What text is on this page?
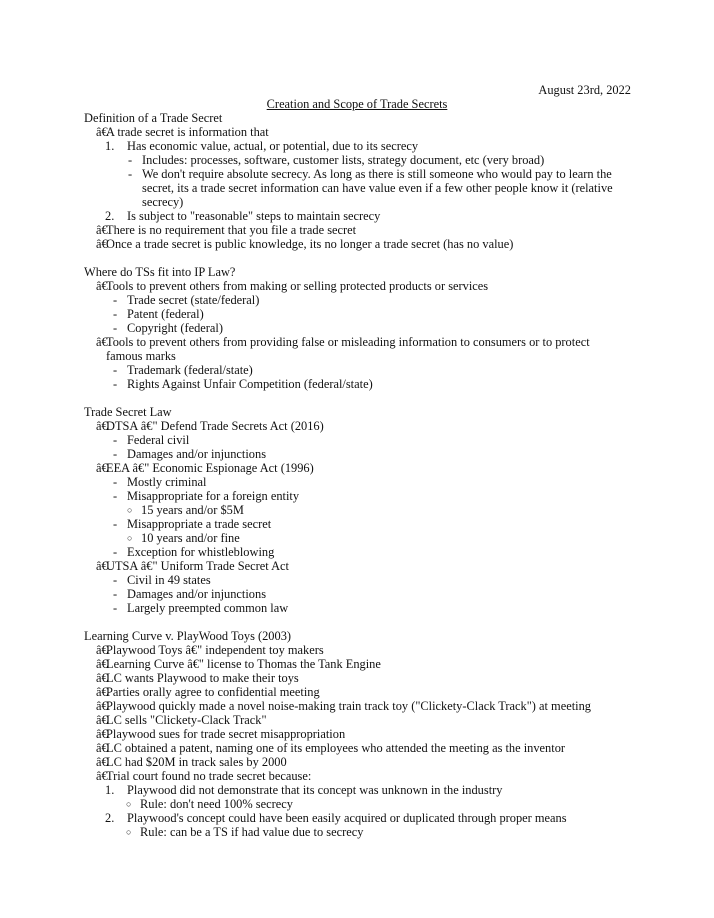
August 23rd, 2022
Creation and Scope of Trade Secrets
Definition of a Trade Secret
â€A trade secret is information that
1. Has economic value, actual, or potential, due to its secrecy
- Includes: processes, software, customer lists, strategy document, etc (very broad)
- We don't require absolute secrecy. As long as there is still someone who would pay to learn the secret, its a trade secret information can have value even if a few other people know it (relative secrecy)
2. Is subject to "reasonable" steps to maintain secrecy
â€There is no requirement that you file a trade secret
â€Once a trade secret is public knowledge, its no longer a trade secret (has no value)
Where do TSs fit into IP Law?
â€Tools to prevent others from making or selling protected products or services
- Trade secret (state/federal)
- Patent (federal)
- Copyright (federal)
â€
Tools to prevent others from providing false or misleading information to consumers or to protect famous marks
- Trademark (federal/state)
- Rights Against Unfair Competition (federal/state)
Trade Secret Law
â€DTSA â€" Defend Trade Secrets Act (2016)
- Federal civil
- Damages and/or injunctions
â€EEA â€" Economic Espionage Act (1996)
- Mostly criminal
- Misappropriate for a foreign entity
○ 15 years and/or $5M
- Misappropriate a trade secret
○ 10 years and/or fine
- Exception for whistleblowing
â€UTSA â€" Uniform Trade Secret Act
- Civil in 49 states
- Damages and/or injunctions
- Largely preempted common law
Learning Curve v. PlayWood Toys (2003)
â€Playwood Toys â€" independent toy makers
â€Learning Curve â€" license to Thomas the Tank Engine
â€LC wants Playwood to make their toys
â€Parties orally agree to confidential meeting
â€Playwood quickly made a novel noise-making train track toy ("Clickety-Clack Track") at meeting
â€LC sells "Clickety-Clack Track"
â€Playwood sues for trade secret misappropriation
â€LC obtained a patent, naming one of its employees who attended the meeting as the inventor
â€LC had $20M in track sales by 2000
â€Trial court found no trade secret because:
1. Playwood did not demonstrate that its concept was unknown in the industry
○ Rule: don't need 100% secrecy
2. Playwood's concept could have been easily acquired or duplicated through proper means
○ Rule: can be a TS if had value due to secrecy
